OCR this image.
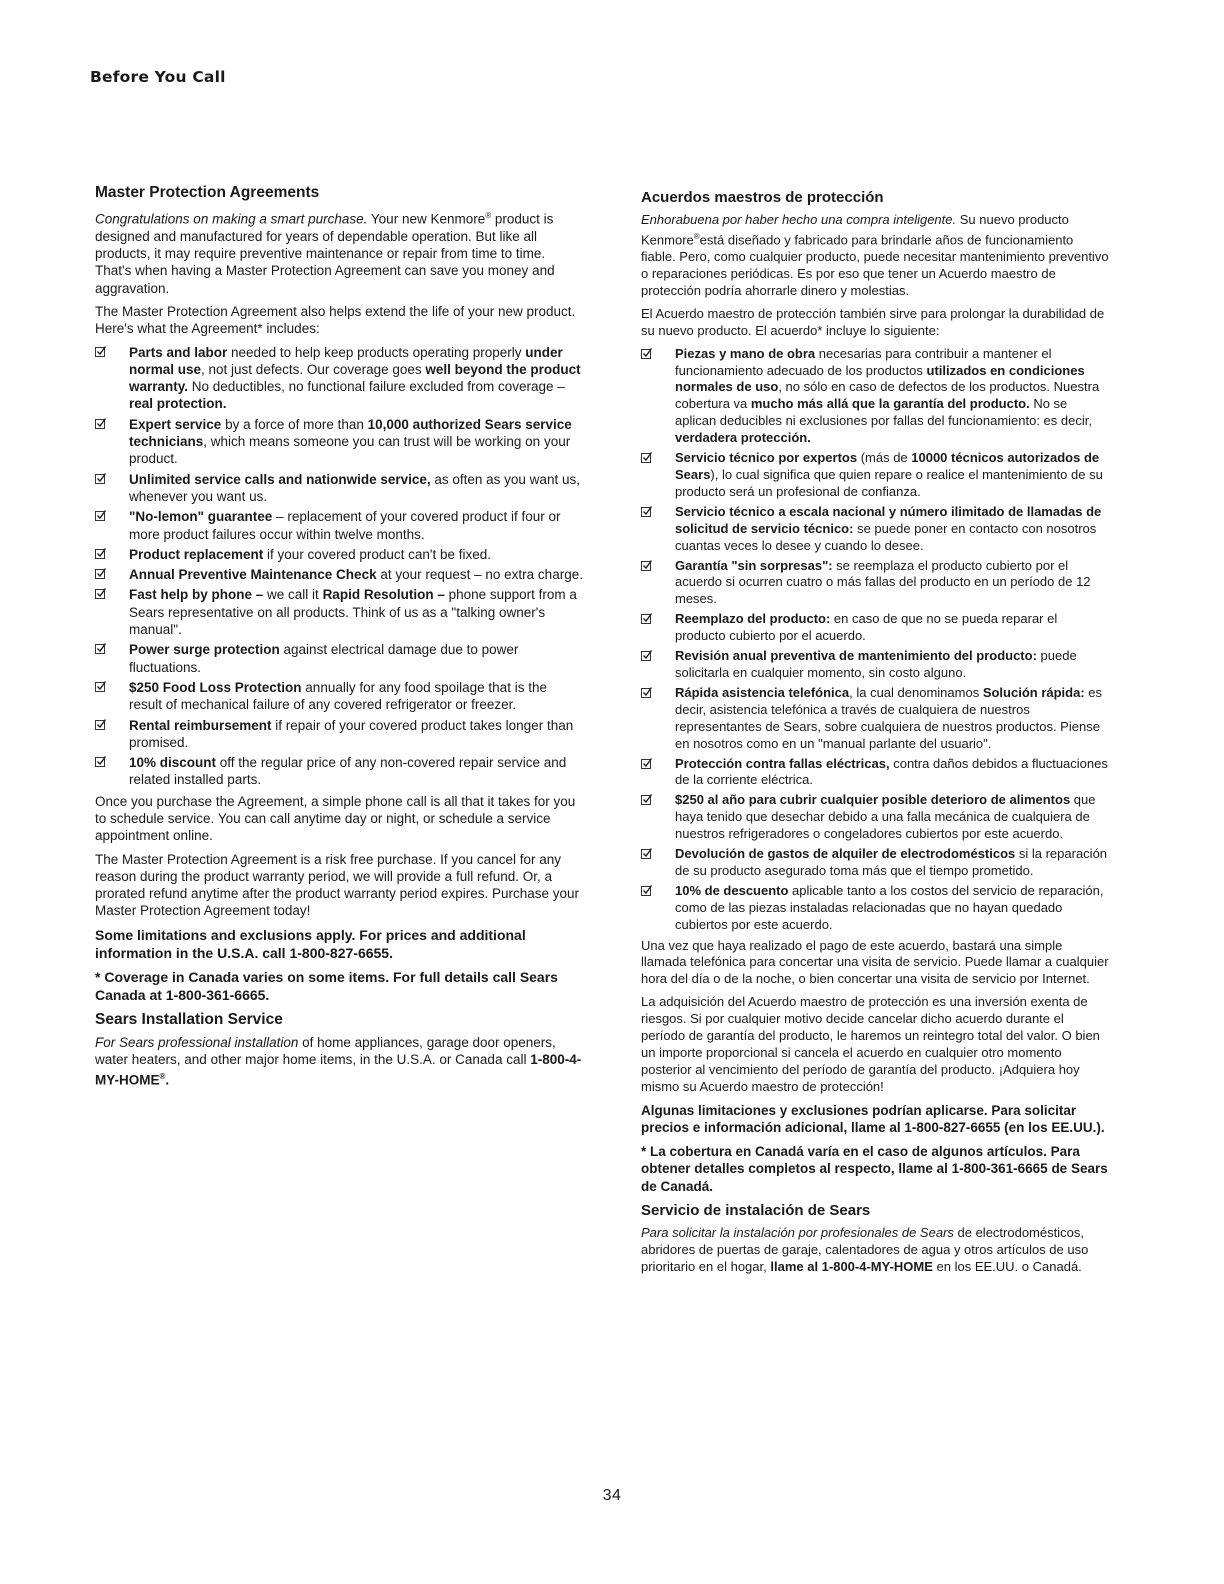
Before You Call
Master Protection Agreements

Congratulations on making a smart purchase. Your new Kenmore® product is designed and manufactured for years of dependable operation. But like all products, it may require preventive maintenance or repair from time to time. That's when having a Master Protection Agreement can save you money and aggravation.

The Master Protection Agreement also helps extend the life of your new product. Here's what the Agreement* includes:

Parts and labor needed to help keep products operating properly under normal use, not just defects. Our coverage goes well beyond the product warranty. No deductibles, no functional failure excluded from coverage – real protection.
Expert service by a force of more than 10,000 authorized Sears service technicians, which means someone you can trust will be working on your product.
Unlimited service calls and nationwide service, as often as you want us, whenever you want us.
"No-lemon" guarantee – replacement of your covered product if four or more product failures occur within twelve months.
Product replacement if your covered product can't be fixed.
Annual Preventive Maintenance Check at your request – no extra charge.
Fast help by phone – we call it Rapid Resolution – phone support from a Sears representative on all products. Think of us as a "talking owner's manual".
Power surge protection against electrical damage due to power fluctuations.
$250 Food Loss Protection annually for any food spoilage that is the result of mechanical failure of any covered refrigerator or freezer.
Rental reimbursement if repair of your covered product takes longer than promised.
10% discount off the regular price of any non-covered repair service and related installed parts.

Once you purchase the Agreement, a simple phone call is all that it takes for you to schedule service. You can call anytime day or night, or schedule a service appointment online.

The Master Protection Agreement is a risk free purchase. If you cancel for any reason during the product warranty period, we will provide a full refund. Or, a prorated refund anytime after the product warranty period expires. Purchase your Master Protection Agreement today!

Some limitations and exclusions apply. For prices and additional information in the U.S.A. call 1-800-827-6655.

* Coverage in Canada varies on some items. For full details call Sears Canada at 1-800-361-6665.

Sears Installation Service

For Sears professional installation of home appliances, garage door openers, water heaters, and other major home items, in the U.S.A. or Canada call 1-800-4-MY-HOME®.

Acuerdos maestros de protección

Enhorabuena por haber hecho una compra inteligente. Su nuevo producto Kenmore®está diseñado y fabricado para brindarle años de funcionamiento fiable. Pero, como cualquier producto, puede necesitar mantenimiento preventivo o reparaciones periódicas. Es por eso que tener un Acuerdo maestro de protección podría ahorrarle dinero y molestias.

El Acuerdo maestro de protección también sirve para prolongar la durabilidad de su nuevo producto. El acuerdo* incluye lo siguiente:

Piezas y mano de obra necesarias para contribuir a mantener el funcionamiento adecuado de los productos utilizados en condiciones normales de uso, no sólo en caso de defectos de los productos. Nuestra cobertura va mucho más allá que la garantía del producto. No se aplican deducibles ni exclusiones por fallas del funcionamiento: es decir, verdadera protección.
Servicio técnico por expertos (más de 10000 técnicos autorizados de Sears), lo cual significa que quien repare o realice el mantenimiento de su producto será un profesional de confianza.
Servicio técnico a escala nacional y número ilimitado de llamadas de solicitud de servicio técnico: se puede poner en contacto con nosotros cuantas veces lo desee y cuando lo desee.
Garantía "sin sorpresas": se reemplaza el producto cubierto por el acuerdo si ocurren cuatro o más fallas del producto en un período de 12 meses.
Reemplazo del producto: en caso de que no se pueda reparar el producto cubierto por el acuerdo.
Revisión anual preventiva de mantenimiento del producto: puede solicitarla en cualquier momento, sin costo alguno.
Rápida asistencia telefónica, la cual denominamos Solución rápida: es decir, asistencia telefónica a través de cualquiera de nuestros representantes de Sears, sobre cualquiera de nuestros productos. Piense en nosotros como en un "manual parlante del usuario".
Protección contra fallas eléctricas, contra daños debidos a fluctuaciones de la corriente eléctrica.
$250 al año para cubrir cualquier posible deterioro de alimentos que haya tenido que desechar debido a una falla mecánica de cualquiera de nuestros refrigeradores o congeladores cubiertos por este acuerdo.
Devolución de gastos de alquiler de electrodomésticos si la reparación de su producto asegurado toma más que el tiempo prometido.
10% de descuento aplicable tanto a los costos del servicio de reparación, como de las piezas instaladas relacionadas que no hayan quedado cubiertos por este acuerdo.

Una vez que haya realizado el pago de este acuerdo, bastará una simple llamada telefónica para concertar una visita de servicio. Puede llamar a cualquier hora del día o de la noche, o bien concertar una visita de servicio por Internet.

La adquisición del Acuerdo maestro de protección es una inversión exenta de riesgos. Si por cualquier motivo decide cancelar dicho acuerdo durante el período de garantía del producto, le haremos un reintegro total del valor. O bien un importe proporcional si cancela el acuerdo en cualquier otro momento posterior al vencimiento del período de garantía del producto. ¡Adquiera hoy mismo su Acuerdo maestro de protección!

Algunas limitaciones y exclusiones podrían aplicarse. Para solicitar precios e información adicional, llame al 1-800-827-6655 (en los EE.UU.).

* La cobertura en Canadá varía en el caso de algunos artículos. Para obtener detalles completos al respecto, llame al 1-800-361-6665 de Sears de Canadá.

Servicio de instalación de Sears

Para solicitar la instalación por profesionales de Sears de electrodomésticos, abridores de puertas de garaje, calentadores de agua y otros artículos de uso prioritario en el hogar, llame al 1-800-4-MY-HOME en los EE.UU. o Canadá.

34
